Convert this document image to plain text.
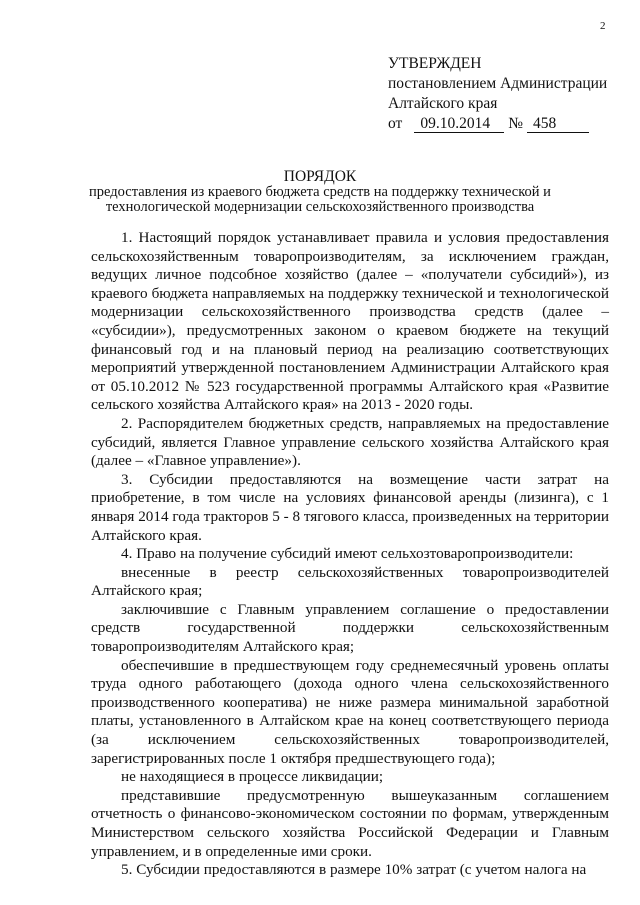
2
УТВЕРЖДЕН
постановлением Администрации
Алтайского края
от 09.10.2014 № 458
ПОРЯДОК
предоставления из краевого бюджета средств на поддержку технической и технологической модернизации сельскохозяйственного производства

1. Настоящий порядок устанавливает правила и условия предоставления сельскохозяйственным товаропроизводителям, за исключением граждан, ведущих личное подсобное хозяйство (далее – «получатели субсидий»), из краевого бюджета направляемых на поддержку технической и технологической модернизации сельскохозяйственного производства средств (далее – «субсидии»), предусмотренных законом о краевом бюджете на текущий финансовый год и на плановый период на реализацию соответствующих мероприятий утвержденной постановлением Администрации Алтайского края от 05.10.2012 № 523 государственной программы Алтайского края «Развитие сельского хозяйства Алтайского края» на 2013 - 2020 годы.

2. Распорядителем бюджетных средств, направляемых на предоставление субсидий, является Главное управление сельского хозяйства Алтайского края (далее – «Главное управление»).

3. Субсидии предоставляются на возмещение части затрат на приобретение, в том числе на условиях финансовой аренды (лизинга), с 1 января 2014 года тракторов 5 - 8 тягового класса, произведенных на территории Алтайского края.

4. Право на получение субсидий имеют сельхозтоваропроизводители:

внесенные в реестр сельскохозяйственных товаропроизводителей Алтайского края;

заключившие с Главным управлением соглашение о предоставлении средств государственной поддержки сельскохозяйственным товаропроизводителям Алтайского края;

обеспечившие в предшествующем году среднемесячный уровень оплаты труда одного работающего (дохода одного члена сельскохозяйственного производственного кооператива) не ниже размера минимальной заработной платы, установленного в Алтайском крае на конец соответствующего периода (за исключением сельскохозяйственных товаропроизводителей, зарегистрированных после 1 октября предшествующего года);

не находящиеся в процессе ликвидации;

представившие предусмотренную вышеуказанным соглашением отчетность о финансово-экономическом состоянии по формам, утвержденным Министерством сельского хозяйства Российской Федерации и Главным управлением, и в определенные ими сроки.

5. Субсидии предоставляются в размере 10% затрат (с учетом налога на
